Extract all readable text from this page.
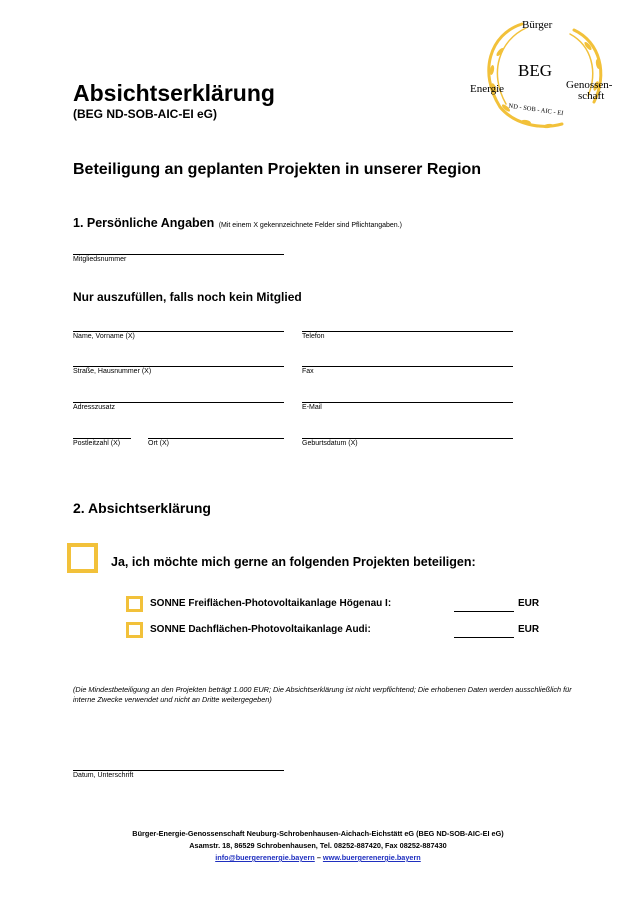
Bürger
BEG
Energie	Genossen-
schaft
ND - SOB - AIC - EI
Absichtserklärung
(BEG ND-SOB-AIC-EI eG)
Beteiligung an geplanten Projekten in unserer Region
1. Persönliche Angaben (Mit einem X gekennzeichnete Felder sind Pflichtangaben.)
Mitgliedsnummer
Nur auszufüllen, falls noch kein Mitglied
Name, Vorname (X)	Telefon
Straße, Hausnummer (X)	Fax
Adresszusatz	E-Mail
Postleitzahl (X)	Ort (X)	Geburtsdatum (X)
2. Absichtserklärung
Ja, ich möchte mich gerne an folgenden Projekten beteiligen:
SONNE Freiflächen-Photovoltaikanlage Högenau I:	EUR
SONNE Dachflächen-Photovoltaikanlage Audi:	EUR
(Die Mindestbeteiligung an den Projekten beträgt 1.000 EUR; Die Absichtserklärung ist nicht verpflichtend; Die erhobenen Daten werden ausschließlich für interne Zwecke verwendet und nicht an Dritte weitergegeben)
Datum, Unterschrift
Bürger-Energie-Genossenschaft Neuburg-Schrobenhausen-Aichach-Eichstätt eG (BEG ND-SOB-AIC-EI eG)
Asamstr. 18, 86529 Schrobenhausen, Tel. 08252-887420, Fax 08252-887430
info@buergerenergie.bayern – www.buergerenergie.bayern
